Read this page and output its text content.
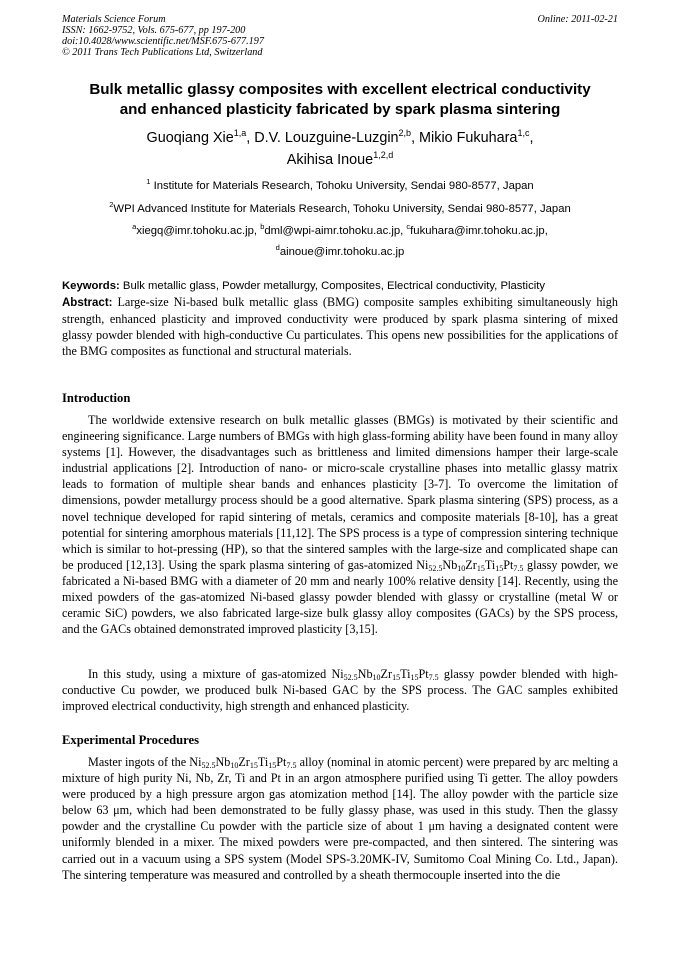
Materials Science Forum
ISSN: 1662-9752, Vols. 675-677, pp 197-200
doi:10.4028/www.scientific.net/MSF.675-677.197
© 2011 Trans Tech Publications Ltd, Switzerland
Online: 2011-02-21
Bulk metallic glassy composites with excellent electrical conductivity
and enhanced plasticity fabricated by spark plasma sintering
Guoqiang Xie$^{1,a}$, D.V. Louzguine-Luzgin$^{2,b}$, Mikio Fukuhara$^{1,c}$,
Akihisa Inoue$^{1,2,d}$
$^1$ Institute for Materials Research, Tohoku University, Sendai 980-8577, Japan
$^2$WPI Advanced Institute for Materials Research, Tohoku University, Sendai 980-8577, Japan
$^a$xiegq@imr.tohoku.ac.jp, $^b$dml@wpi-aimr.tohoku.ac.jp, $^c$fukuhara@imr.tohoku.ac.jp,
$^d$ainoue@imr.tohoku.ac.jp
Keywords: Bulk metallic glass, Powder metallurgy, Composites, Electrical conductivity, Plasticity
Abstract: Large-size Ni-based bulk metallic glass (BMG) composite samples exhibiting simultaneously high strength, enhanced plasticity and improved conductivity were produced by spark plasma sintering of mixed glassy powder blended with high-conductive Cu particulates. This opens new possibilities for the applications of the BMG composites as functional and structural materials.
Introduction
The worldwide extensive research on bulk metallic glasses (BMGs) is motivated by their scientific and engineering significance. Large numbers of BMGs with high glass-forming ability have been found in many alloy systems [1]. However, the disadvantages such as brittleness and limited dimensions hamper their large-scale industrial applications [2]. Introduction of nano- or micro-scale crystalline phases into metallic glassy matrix leads to formation of multiple shear bands and enhances plasticity [3-7]. To overcome the limitation of dimensions, powder metallurgy process should be a good alternative. Spark plasma sintering (SPS) process, as a novel technique developed for rapid sintering of metals, ceramics and composite materials [8-10], has a great potential for sintering amorphous materials [11,12]. The SPS process is a type of compression sintering technique which is similar to hot-pressing (HP), so that the sintered samples with the large-size and complicated shape can be produced [12,13]. Using the spark plasma sintering of gas-atomized $Ni_{52.5}Nb_{10}Zr_{15}Ti_{15}Pt_{7.5}$ glassy powder, we fabricated a Ni-based BMG with a diameter of 20 mm and nearly 100% relative density [14]. Recently, using the mixed powders of the gas-atomized Ni-based glassy powder blended with glassy or crystalline (metal W or ceramic SiC) powders, we also fabricated large-size bulk glassy alloy composites (GACs) by the SPS process, and the GACs obtained demonstrated improved plasticity [3,15].
In this study, using a mixture of gas-atomized $Ni_{52.5}Nb_{10}Zr_{15}Ti_{15}Pt_{7.5}$ glassy powder blended with high-conductive Cu powder, we produced bulk Ni-based GAC by the SPS process. The GAC samples exhibited improved electrical conductivity, high strength and enhanced plasticity.
Experimental Procedures
Master ingots of the $Ni_{52.5}Nb_{10}Zr_{15}Ti_{15}Pt_{7.5}$ alloy (nominal in atomic percent) were prepared by arc melting a mixture of high purity Ni, Nb, Zr, Ti and Pt in an argon atmosphere purified using Ti getter. The alloy powders were produced by a high pressure argon gas atomization method [14]. The alloy powder with the particle size below 63 μm, which had been demonstrated to be fully glassy phase, was used in this study. Then the glassy powder and the crystalline Cu powder with the particle size of about 1 μm having a designated content were uniformly blended in a mixer. The mixed powders were pre-compacted, and then sintered. The sintering was carried out in a vacuum using a SPS system (Model SPS-3.20MK-IV, Sumitomo Coal Mining Co. Ltd., Japan). The sintering temperature was measured and controlled by a sheath thermocouple inserted into the die
